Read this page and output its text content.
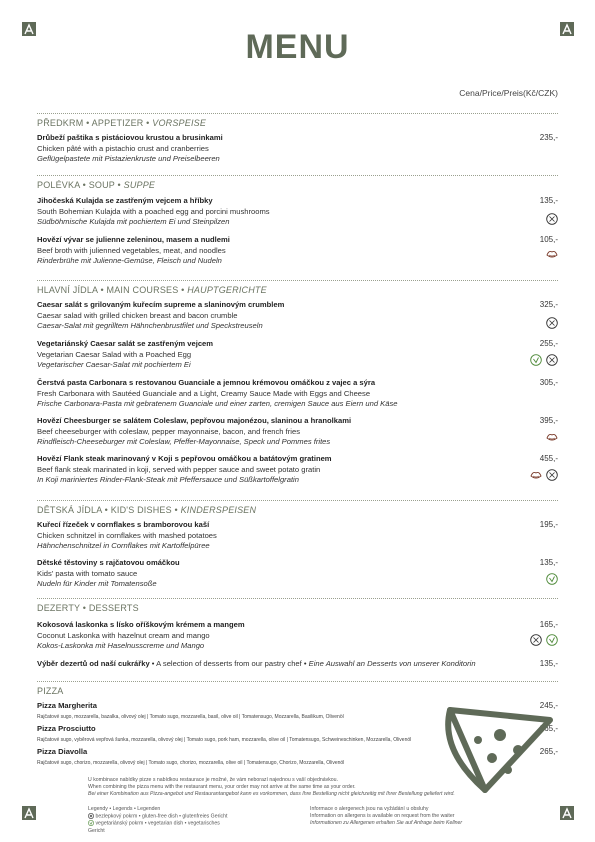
MENU
Cena/Price/Preis(Kč/CZK)
PŘEDKRM • APPETIZER • VORSPEISE
Drůbeží paštika s pistáciovou krustou a brusinkami
Chicken pâté with a pistachio crust and cranberries
Geflügelpastete mit Pistazienkruste und Preiselbeeren
235,-
POLÉVKA • SOUP • SUPPE
Jihočeská Kulajda se zastřeným vejcem a hříbky
South Bohemian Kulajda with a poached egg and porcini mushrooms
Südböhmische Kulajda mit pochiertem Ei und Steinpilzen
135,-
Hovězí vývar se julienne zeleninou, masem a nudlemi
Beef broth with julienned vegetables, meat, and noodles
Rinderbrühe mit Julienne-Gemüse, Fleisch und Nudeln
105,-
HLAVNÍ JÍDLA • MAIN COURSES • HAUPTGERICHTE
Caesar salát s grilovaným kuřecím supreme a slaninovým crumblem
Caesar salad with grilled chicken breast and bacon crumble
Caesar-Salat mit gegrilltem Hähnchenbrustfilet und Speckstreuseln
325,-
Vegetariánský Caesar salát se zastřeným vejcem
Vegetarian Caesar Salad with a Poached Egg
Vegetarischer Caesar-Salat mit pochiertem Ei
255,-
Čerstvá pasta Carbonara s restovanou Guanciale a jemnou krémovou omáčkou z vajec a sýra
Fresh Carbonara with Sautéed Guanciale and a Light, Creamy Sauce Made with Eggs and Cheese
Frische Carbonara-Pasta mit gebratenem Guanciale und einer zarten, cremigen Sauce aus Eiern und Käse
305,-
Hovězí Cheesburger se salátem Coleslaw, pepřovou majonézou, slaninou a hranolkami
Beef cheeseburger with coleslaw, pepper mayonnaise, bacon, and french fries
Rindfleisch-Cheeseburger mit Coleslaw, Pfeffer-Mayonnaise, Speck und Pommes frites
395,-
Hovězí Flank steak marinovaný v Koji s pepřovou omáčkou a batátovým gratinem
Beef flank steak marinated in koji, served with pepper sauce and sweet potato gratin
In Koji mariniertes Rinder-Flank-Steak mit Pfeffersauce und Süßkartoffelgratin
455,-
DĚTSKÁ JÍDLA • KID'S DISHES • KINDERSPEISEN
Kuřecí řízeček v cornflakes s bramborovou kaší
Chicken schnitzel in cornflakes with mashed potatoes
Hähnchenschnitzel in Cornflakes mit Kartoffelpüree
195,-
Dětské těstoviny s rajčatovou omáčkou
Kids' pasta with tomato sauce
Nudeln für Kinder mit Tomatensoße
135,-
DEZERTY • DESSERTS
Kokosová laskonka s lísko oříškovým krémem a mangem
Coconut Laskonka with hazelnut cream and mango
Kokos-Laskonka mit Haselnusscreme und Mango
165,-
Výběr dezertů od naší cukrářky • A selection of desserts from our pastry chef • Eine Auswahl an Desserts von unserer Konditorin	135,-
PIZZA
Pizza Margherita
Rajčatové sugo, mozzarella, bazalka, olivový olej | Tomato sugo, mozzarella, basil, olive oil | Tomatensugo, Mozzarella, Basilikum, Olivenöl
245,-
Pizza Prosciutto
Rajčatové sugo, vyběrová vepřová šunka, mozzarella, olivový olej | Tomato sugo, pork ham, mozzarella, olive oil | Tomatensugo, Schweineschinken, Mozzarella, Olivenöl
265,-
Pizza Diavolla
Rajčatové sugo, chorizo, mozzarella, olivový olej | Tomato sugo, chorizo, mozzarella, olive oil | Tomatensugo, Chorizo, Mozzarella, Olivenöl
265,-
U kombinace nabídky pizze s nabídkou restaurace je možné, že vám neborazí najednou s vaší objednávkou.
When combining the pizza menu with the restaurant menu, your order may not arrive at the same time as your order.
Bei einer Kombination aus Pizza-angebot und Restaurantangebot kann es vorkommen, dass Ihre Bestellung nicht gleichzeitig mit Ihrer Bestellung geliefert wird.
Legendy • Legends • Legenden
bezlepkový pokrm • gluten-free dish • glutenfreies Gericht
vegetariánský pokrm • vegetarian dish • vegetarisches Gericht
Informace o alergenech jsou na vyžádání u obsluhy
Information on allergens is available on request from the waiter
Informationen zu Allergenen erhalten Sie auf Anfrage beim Kellner
